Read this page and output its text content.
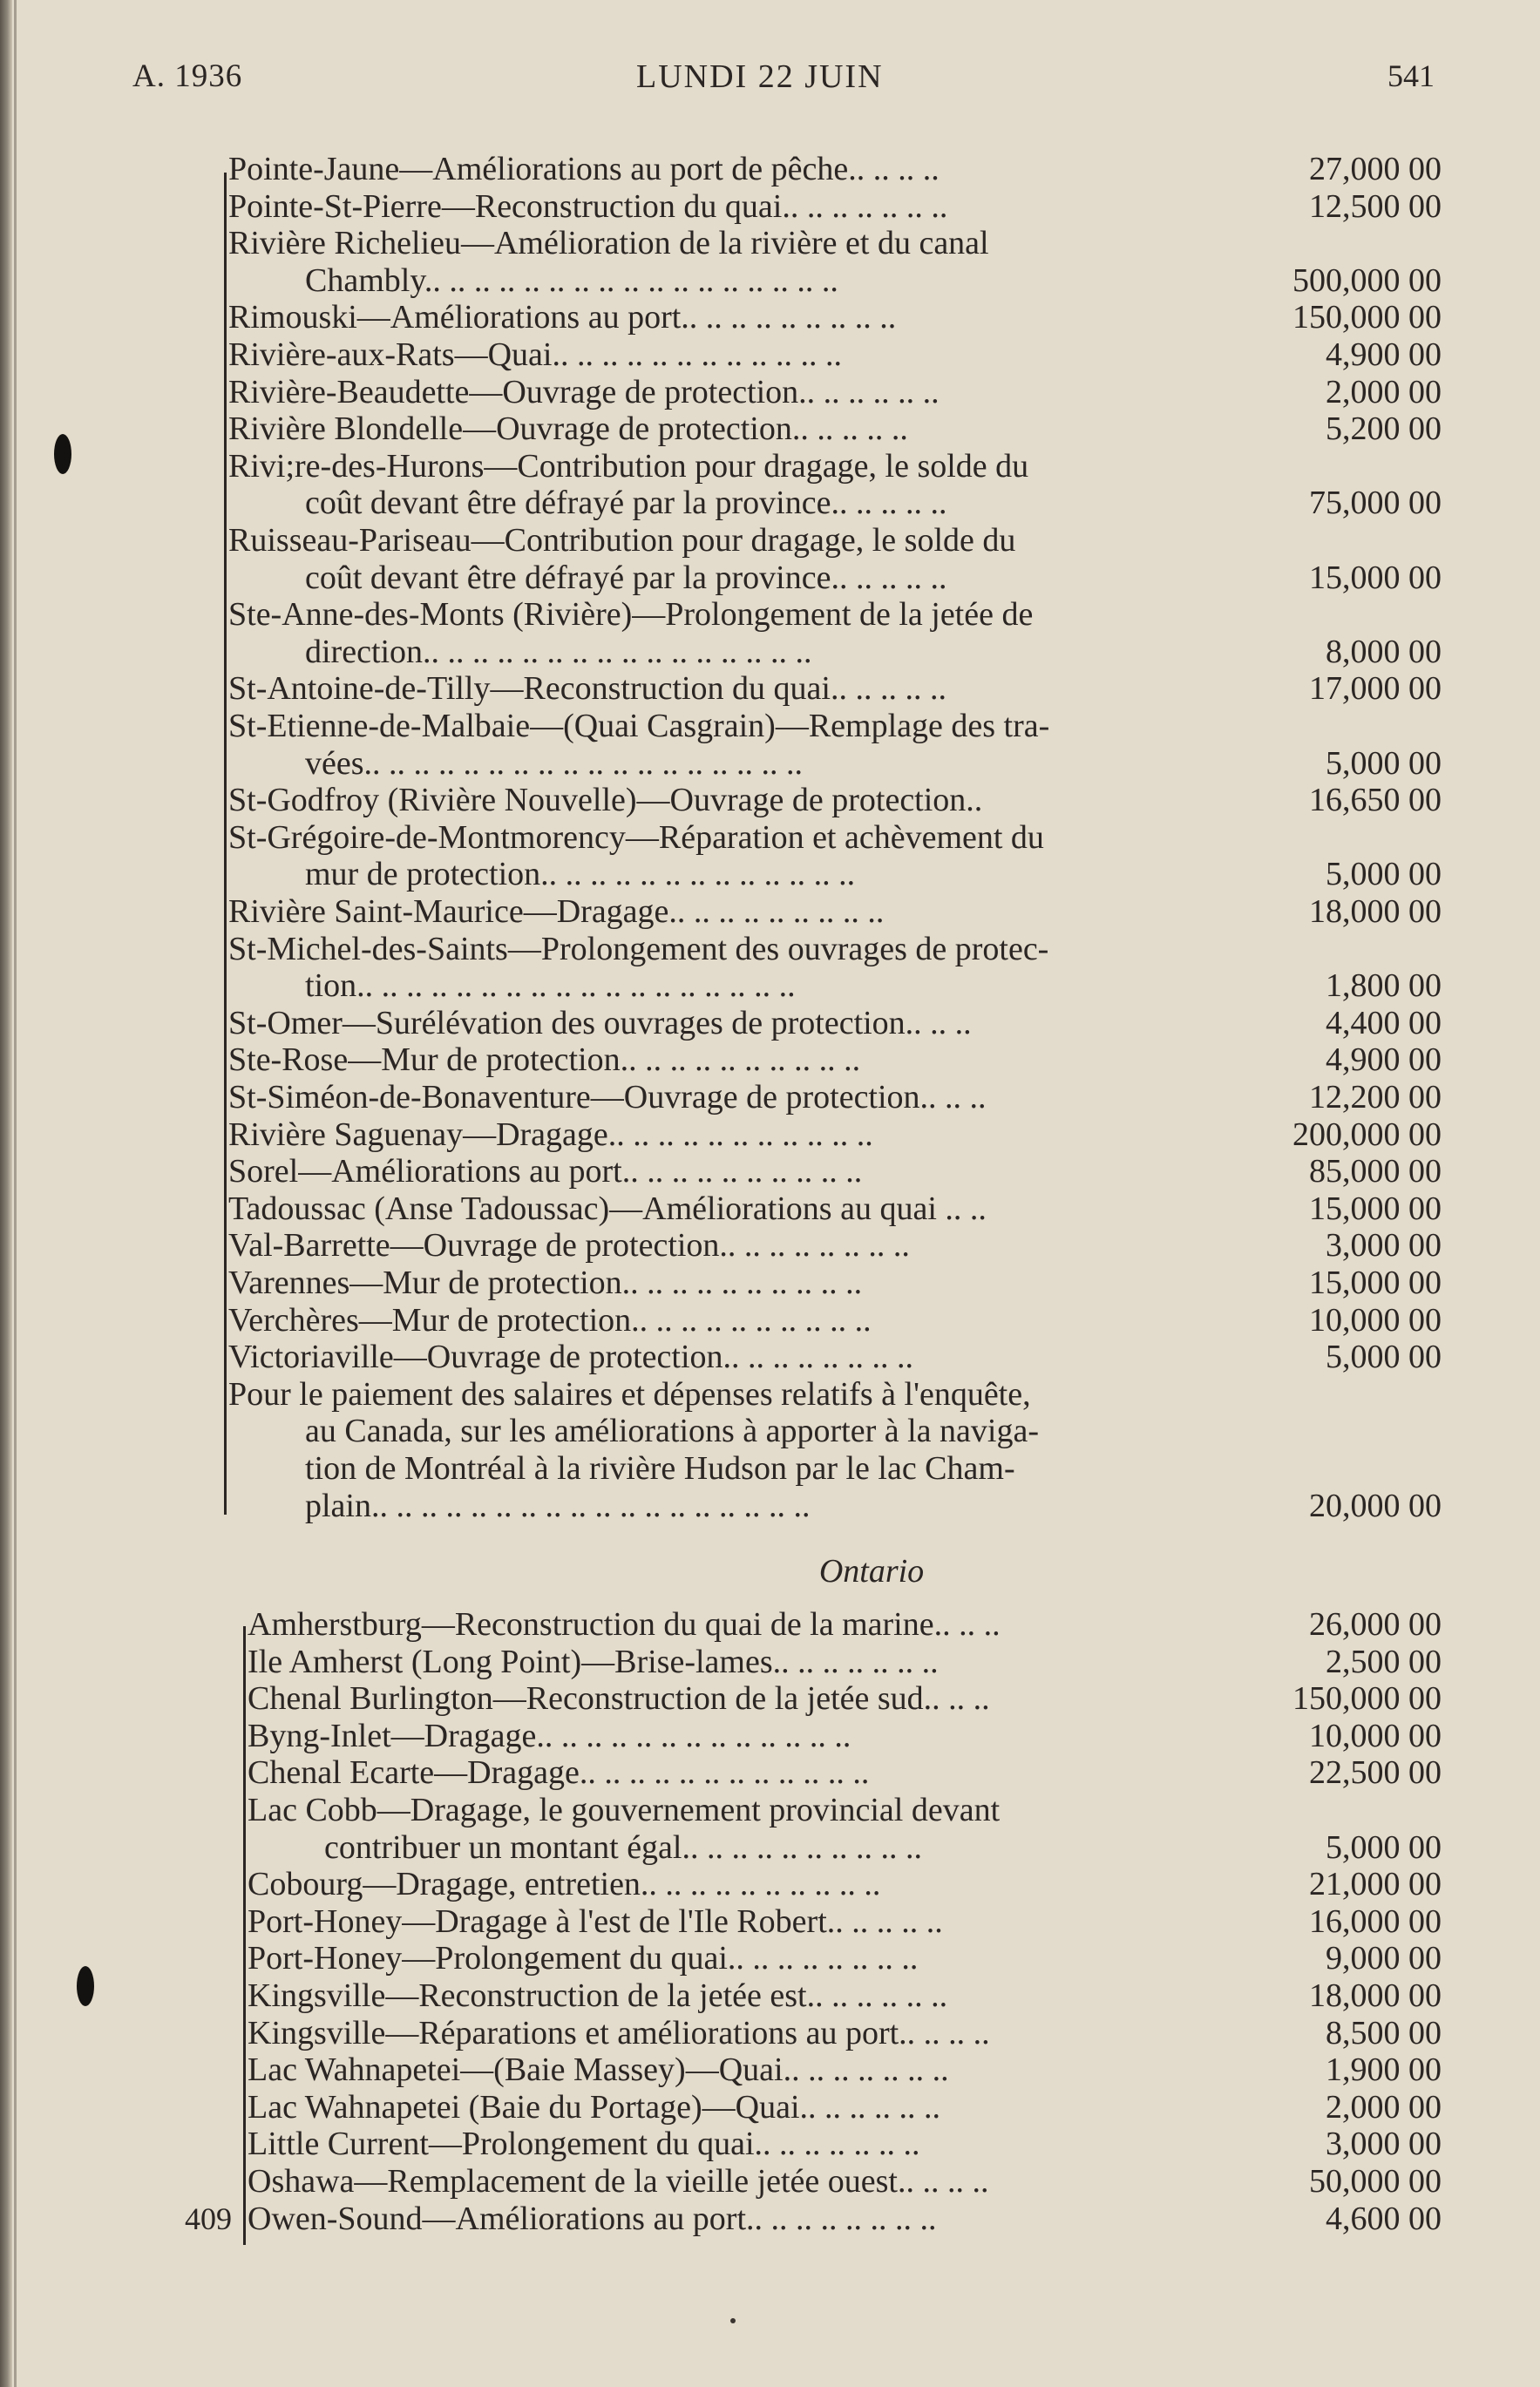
A. 1936	LUNDI 22 JUIN	541
Pointe-Jaune—Améliorations au port de pêche.. .. .. ..	27,000 00
Pointe-St-Pierre—Reconstruction du quai.. .. .. .. .. .. ..	12,500 00
Rivière Richelieu—Amélioration de la rivière et du canal
Chambly.. .. .. .. .. .. .. .. .. .. .. .. .. .. .. .. ..	500,000 00
Rimouski—Améliorations au port.. .. .. .. .. .. .. .. ..	150,000 00
Rivière-aux-Rats—Quai.. .. .. .. .. .. .. .. .. .. .. ..	4,900 00
Rivière-Beaudette—Ouvrage de protection.. .. .. .. .. ..	2,000 00
Rivière Blondelle—Ouvrage de protection.. .. .. .. ..	5,200 00
Rivi;re-des-Hurons—Contribution pour dragage, le solde du
coût devant être défrayé par la province.. .. .. .. ..	75,000 00
Ruisseau-Pariseau—Contribution pour dragage, le solde du
coût devant être défrayé par la province.. .. .. .. ..	15,000 00
Ste-Anne-des-Monts (Rivière)—Prolongement de la jetée de
direction.. .. .. .. .. .. .. .. .. .. .. .. .. .. .. ..	8,000 00
St-Antoine-de-Tilly—Reconstruction du quai.. .. .. .. ..	17,000 00
St-Etienne-de-Malbaie—(Quai Casgrain)—Remplage des tra-
vées.. .. .. .. .. .. .. .. .. .. .. .. .. .. .. .. .. ..	5,000 00
St-Godfroy (Rivière Nouvelle)—Ouvrage de protection..	16,650 00
St-Grégoire-de-Montmorency—Réparation et achèvement du
mur de protection.. .. .. .. .. .. .. .. .. .. .. .. ..	5,000 00
Rivière Saint-Maurice—Dragage.. .. .. .. .. .. .. .. ..	18,000 00
St-Michel-des-Saints—Prolongement des ouvrages de protec-
tion.. .. .. .. .. .. .. .. .. .. .. .. .. .. .. .. .. ..	1,800 00
St-Omer—Surélévation des ouvrages de protection.. .. ..	4,400 00
Ste-Rose—Mur de protection.. .. .. .. .. .. .. .. .. ..	4,900 00
St-Siméon-de-Bonaventure—Ouvrage de protection.. .. ..	12,200 00
Rivière Saguenay—Dragage.. .. .. .. .. .. .. .. .. .. ..	200,000 00
Sorel—Améliorations au port.. .. .. .. .. .. .. .. .. ..	85,000 00
Tadoussac (Anse Tadoussac)—Améliorations au quai .. ..	15,000 00
Val-Barrette—Ouvrage de protection.. .. .. .. .. .. .. ..	3,000 00
Varennes—Mur de protection.. .. .. .. .. .. .. .. .. ..	15,000 00
Verchères—Mur de protection.. .. .. .. .. .. .. .. .. ..	10,000 00
Victoriaville—Ouvrage de protection.. .. .. .. .. .. .. ..	5,000 00
Pour le paiement des salaires et dépenses relatifs à l'enquête,
au Canada, sur les améliorations à apporter à la naviga-
tion de Montréal à la rivière Hudson par le lac Cham-
plain.. .. .. .. .. .. .. .. .. .. .. .. .. .. .. .. .. ..	20,000 00
Ontario
Amherstburg—Reconstruction du quai de la marine.. .. ..	26,000 00
Ile Amherst (Long Point)—Brise-lames.. .. .. .. .. .. ..	2,500 00
Chenal Burlington—Reconstruction de la jetée sud.. .. ..	150,000 00
Byng-Inlet—Dragage.. .. .. .. .. .. .. .. .. .. .. .. ..	10,000 00
Chenal Ecarte—Dragage.. .. .. .. .. .. .. .. .. .. .. ..	22,500 00
Lac Cobb—Dragage, le gouvernement provincial devant
contribuer un montant égal.. .. .. .. .. .. .. .. .. ..	5,000 00
Cobourg—Dragage, entretien.. .. .. .. .. .. .. .. .. ..	21,000 00
Port-Honey—Dragage à l'est de l'Ile Robert.. .. .. .. ..	16,000 00
Port-Honey—Prolongement du quai.. .. .. .. .. .. .. ..	9,000 00
Kingsville—Reconstruction de la jetée est.. .. .. .. .. ..	18,000 00
Kingsville—Réparations et améliorations au port.. .. .. ..	8,500 00
Lac Wahnapetei—(Baie Massey)—Quai.. .. .. .. .. .. ..	1,900 00
Lac Wahnapetei (Baie du Portage)—Quai.. .. .. .. .. ..	2,000 00
Little Current—Prolongement du quai.. .. .. .. .. .. ..	3,000 00
Oshawa—Remplacement de la vieille jetée ouest.. .. .. ..	50,000 00
Owen-Sound—Améliorations au port.. .. .. .. .. .. .. ..	4,600 00
409
